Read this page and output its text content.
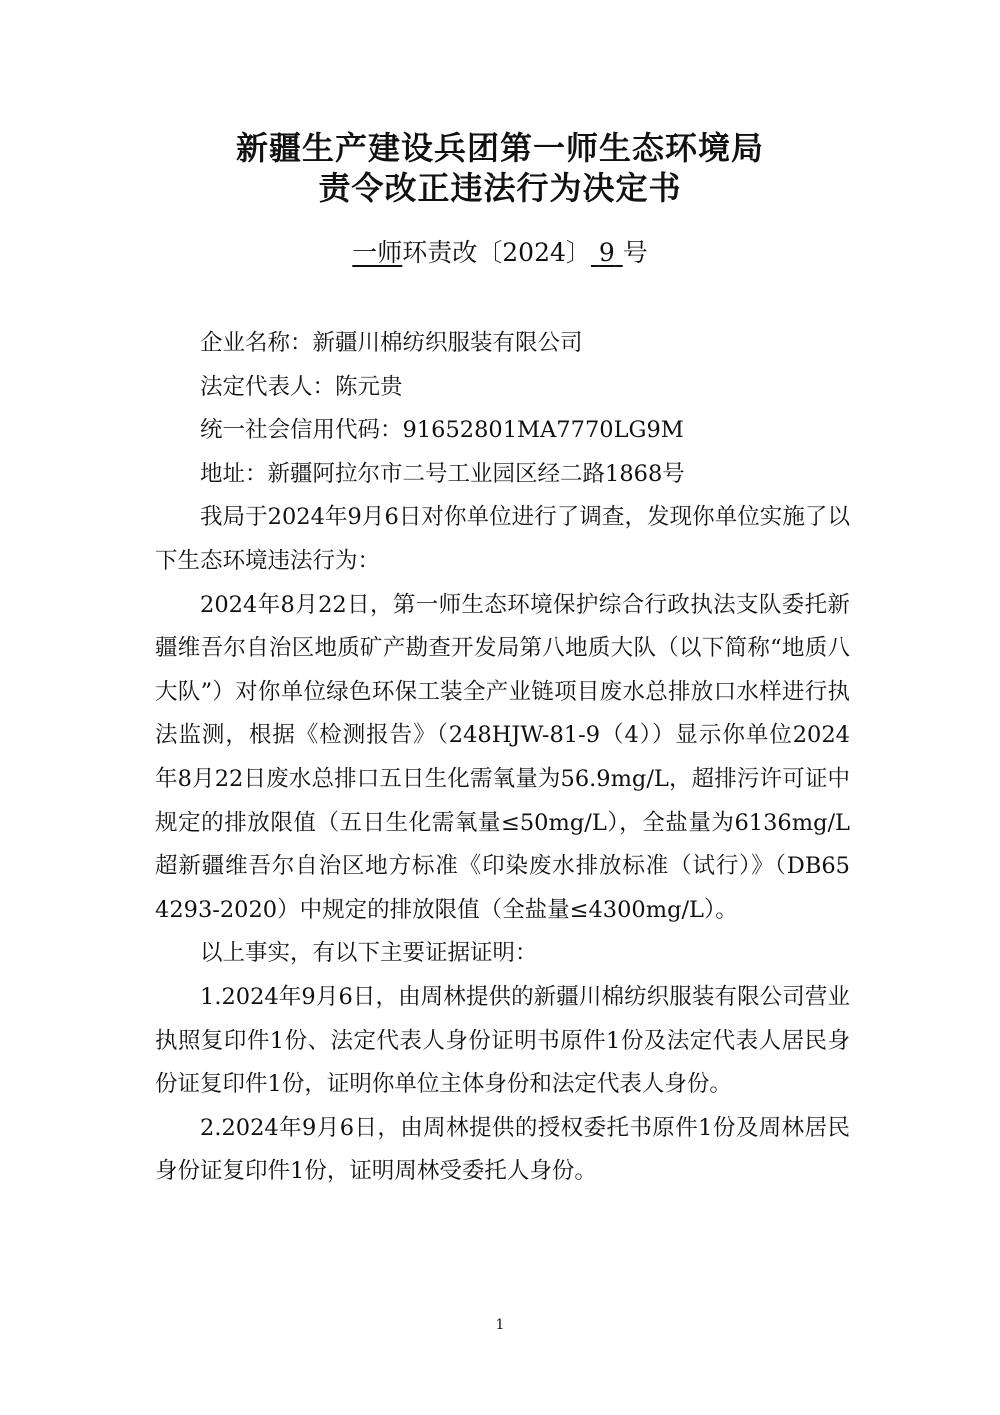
新疆生产建设兵团第一师生态环境局
责令改正违法行为决定书
一师环责改〔2024〕 9 号

企业名称：新疆川棉纺织服装有限公司

法定代表人：陈元贵

统一社会信用代码：91652801MA7770LG9M

地址：新疆阿拉尔市二号工业园区经二路1868号

我局于2024年9月6日对你单位进行了调查，发现你单位实施了以下生态环境违法行为：

2024年8月22日，第一师生态环境保护综合行政执法支队委托新疆维吾尔自治区地质矿产勘查开发局第八地质大队（以下简称“地质八大队”）对你单位绿色环保工装全产业链项目废水总排放口水样进行执法监测，根据《检测报告》（248HJW-81-9（4））显示你单位2024年8月22日废水总排口五日生化需氧量为56.9mg/L，超排污许可证中规定的排放限值（五日生化需氧量≤50mg/L），全盐量为6136mg/L超新疆维吾尔自治区地方标准《印染废水排放标准（试行）》（DB65 4293-2020）中规定的排放限值（全盐量≤4300mg/L）。

以上事实，有以下主要证据证明：

1.2024年9月6日，由周林提供的新疆川棉纺织服装有限公司营业执照复印件1份、法定代表人身份证明书原件1份及法定代表人居民身份证复印件1份，证明你单位主体身份和法定代表人身份。

2.2024年9月6日，由周林提供的授权委托书原件1份及周林居民身份证复印件1份，证明周林受委托人身份。

1
